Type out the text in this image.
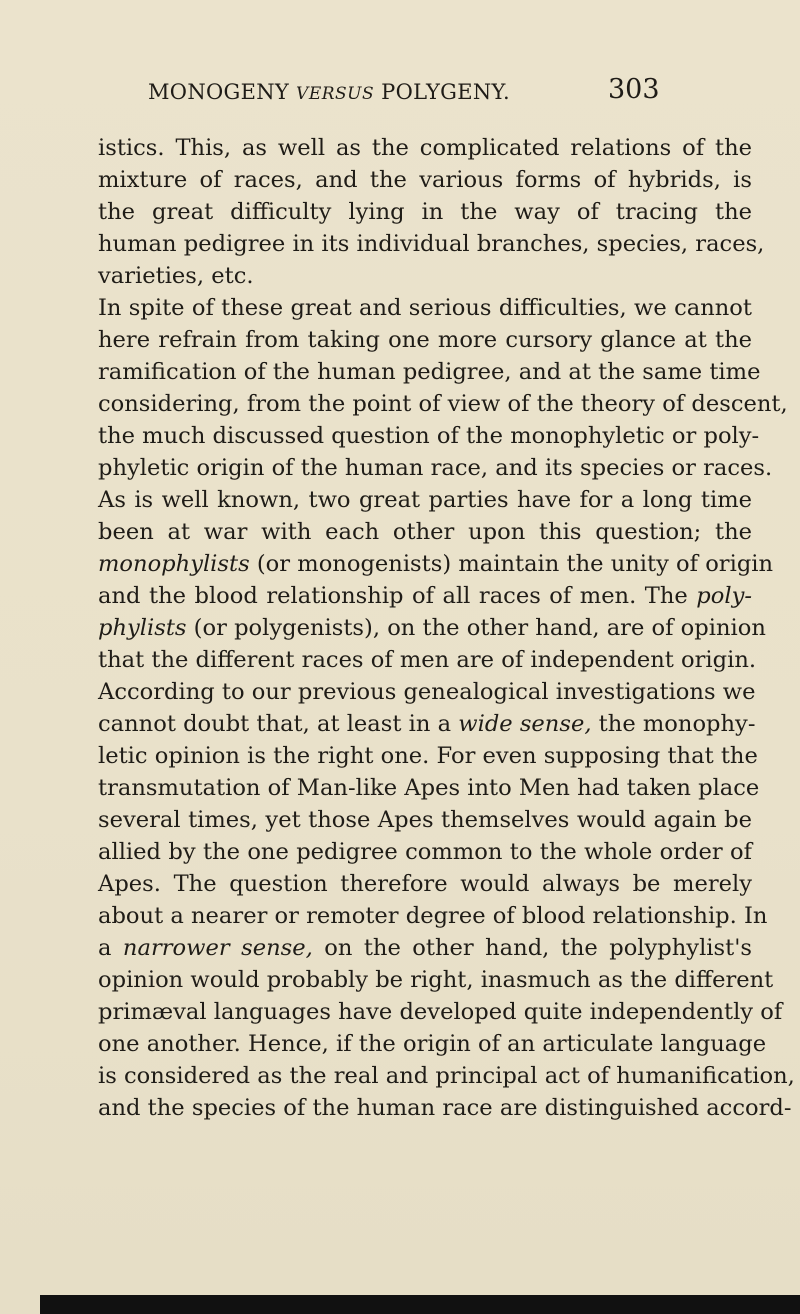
MONOGENY VERSUS POLYGENY.	303
istics. This, as well as the complicated relations of the
mixture of races, and the various forms of hybrids, is
the great difficulty lying in the way of tracing the
human pedigree in its individual branches, species, races,
varieties, etc.
In spite of these great and serious difficulties, we cannot
here refrain from taking one more cursory glance at the
ramification of the human pedigree, and at the same time
considering, from the point of view of the theory of descent,
the much discussed question of the monophyletic or poly-
phyletic origin of the human race, and its species or races.
As is well known, two great parties have for a long time
been at war with each other upon this question; the
monophylists (or monogenists) maintain the unity of origin
and the blood relationship of all races of men. The poly-
phylists (or polygenists), on the other hand, are of opinion
that the different races of men are of independent origin.
According to our previous genealogical investigations we
cannot doubt that, at least in a wide sense, the monophy-
letic opinion is the right one. For even supposing that the
transmutation of Man-like Apes into Men had taken place
several times, yet those Apes themselves would again be
allied by the one pedigree common to the whole order of
Apes. The question therefore would always be merely
about a nearer or remoter degree of blood relationship. In
a narrower sense, on the other hand, the polyphylist's
opinion would probably be right, inasmuch as the different
primæval languages have developed quite independently of
one another. Hence, if the origin of an articulate language
is considered as the real and principal act of humanification,
and the species of the human race are distinguished accord-
